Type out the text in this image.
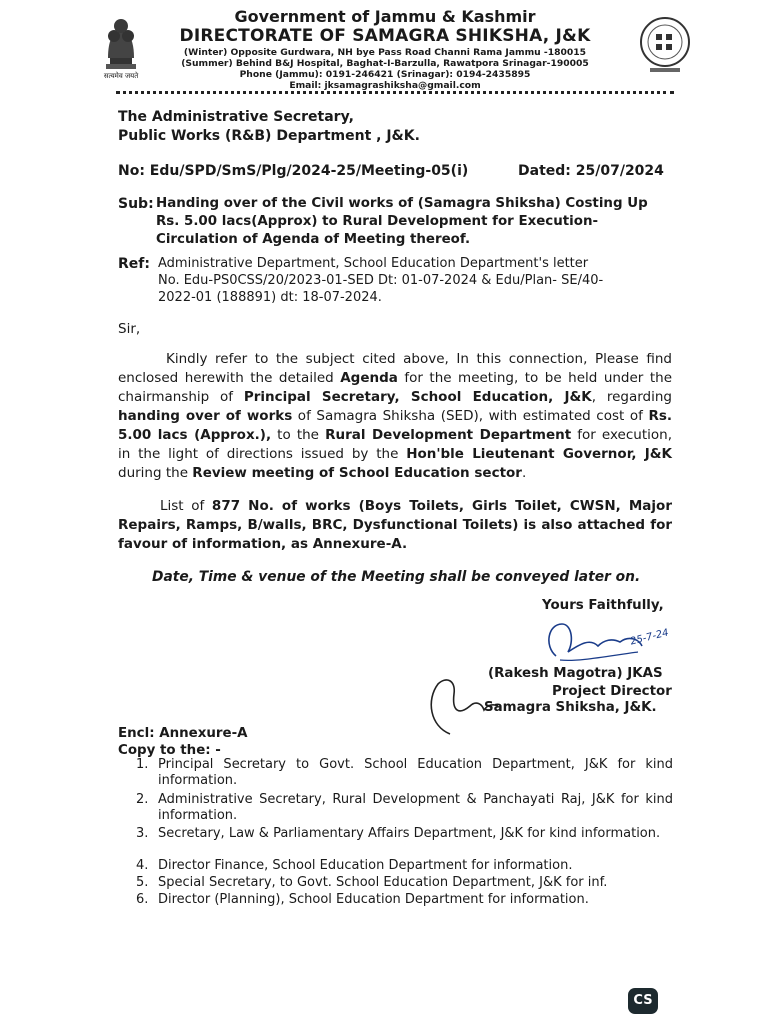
सत्यमेव जयते
Government of Jammu & Kashmir
DIRECTORATE OF SAMAGRA SHIKSHA, J&K
(Winter) Opposite Gurdwara, NH bye Pass Road Channi Rama Jammu -180015
(Summer) Behind B&J Hospital, Baghat-I-Barzulla, Rawatpora Srinagar-190005
Phone (Jammu): 0191-246421 (Srinagar): 0194-2435895
Email: jksamagrashiksha@gmail.com
The Administrative Secretary,
Public Works (R&B) Department , J&K.
No: Edu/SPD/SmS/Plg/2024-25/Meeting-05(i)	Dated: 25/07/2024
Sub: Handing over of the Civil works of (Samagra Shiksha) Costing Up
Rs. 5.00 lacs(Approx) to Rural Development for Execution-
Circulation of Agenda of Meeting thereof.
Ref: Administrative Department, School Education Department's letter
No. Edu-PS0CSS/20/2023-01-SED Dt: 01-07-2024 & Edu/Plan- SE/40-
2022-01 (188891) dt: 18-07-2024.
Sir,
Kindly refer to the subject cited above, In this connection, Please find enclosed herewith the detailed Agenda for the meeting, to be held under the chairmanship of Principal Secretary, School Education, J&K, regarding handing over of works of Samagra Shiksha (SED), with estimated cost of Rs. 5.00 lacs (Approx.), to the Rural Development Department for execution, in the light of directions issued by the Hon'ble Lieutenant Governor, J&K during the Review meeting of School Education sector.
List of 877 No. of works (Boys Toilets, Girls Toilet, CWSN, Major Repairs, Ramps, B/walls, BRC, Dysfunctional Toilets) is also attached for favour of information, as Annexure-A.
Date, Time & venue of the Meeting shall be conveyed later on.
Yours Faithfully,
25-7-24
(Rakesh Magotra) JKAS
Project Director
Samagra Shiksha, J&K.
Encl: Annexure-A
Copy to the: -
1. Principal Secretary to Govt. School Education Department, J&K for kind information.
2. Administrative Secretary, Rural Development & Panchayati Raj, J&K for kind information.
3. Secretary, Law & Parliamentary Affairs Department, J&K for kind information.
4. Director Finance, School Education Department for information.
5. Special Secretary, to Govt. School Education Department, J&K for inf.
6. Director (Planning), School Education Department for information.
CS
